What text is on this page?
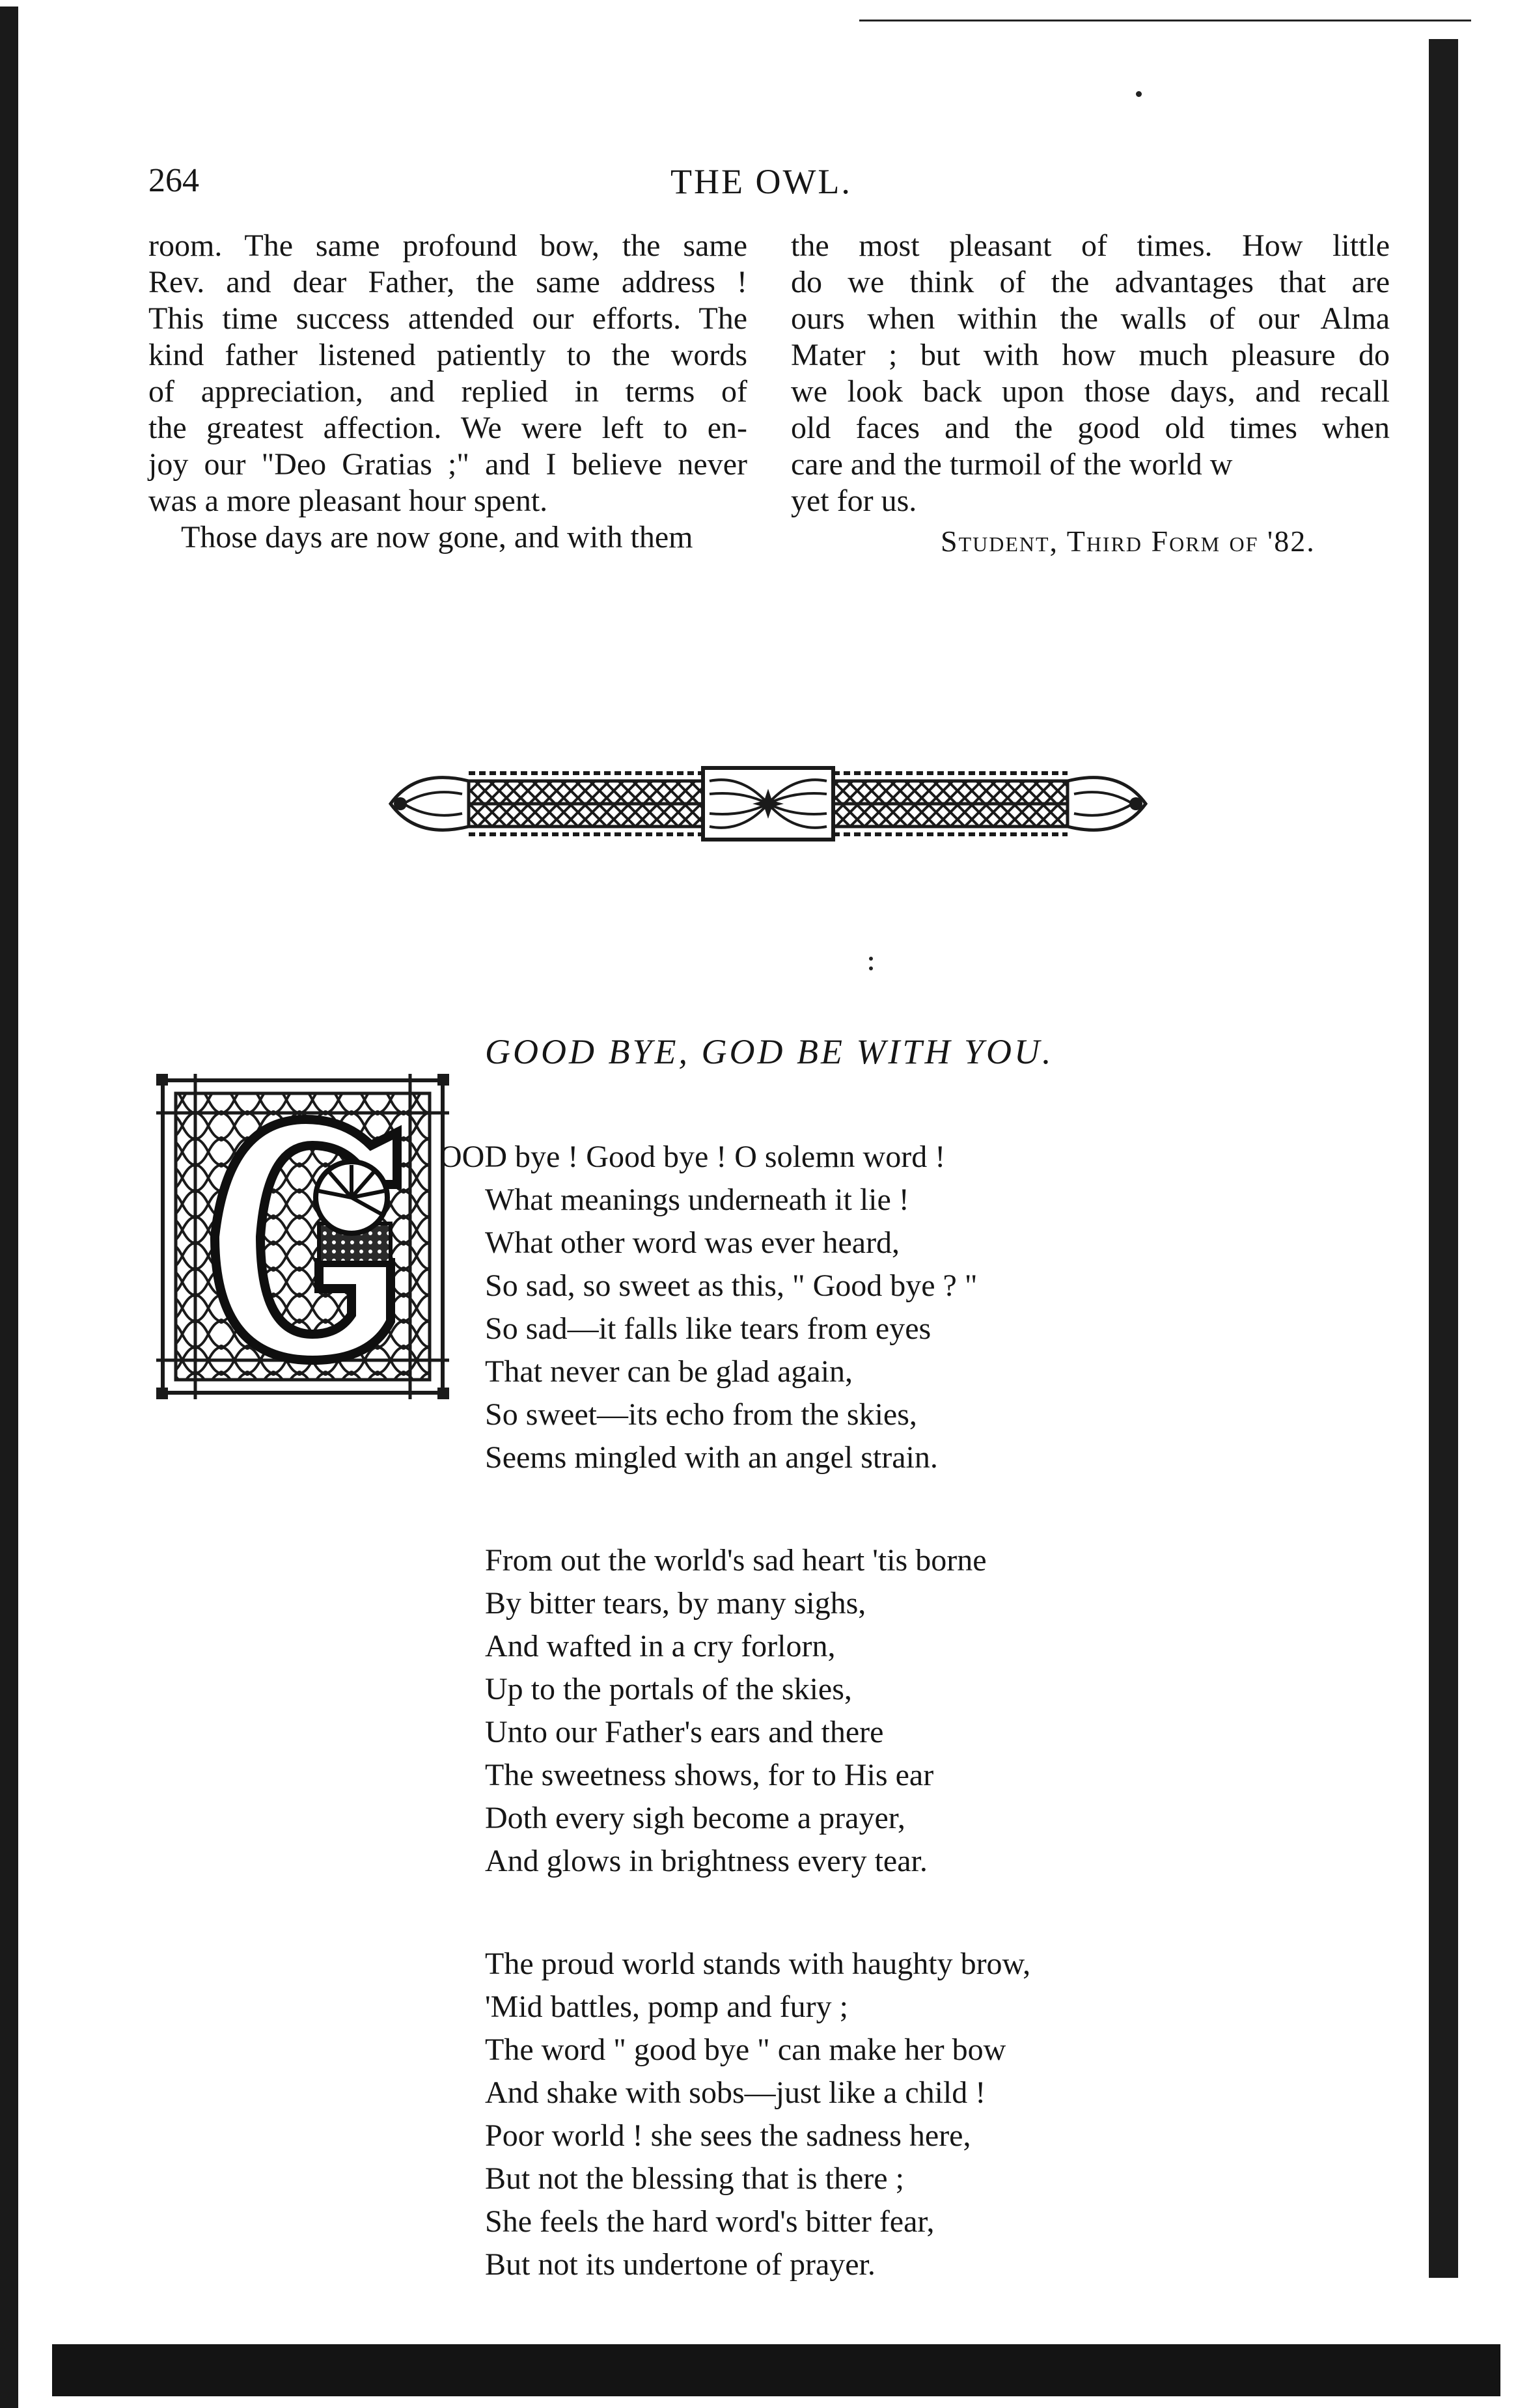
264	THE OWL.
room. The same profound bow, the same
Rev. and dear Father, the same address !
This time success attended our efforts. The
kind father listened patiently to the words
of appreciation, and replied in terms of
the greatest affection. We were left to en-
joy our "Deo Gratias ;" and I believe never
was a more pleasant hour spent.
Those days are now gone, and with them
the most pleasant of times. How little
do we think of the advantages that are
ours when within the walls of our Alma
Mater ; but with how much pleasure do
we look back upon those days, and recall
old faces and the good old times when
care and the turmoil of the world w
yet for us.
Student, Third Form of '82.
GOOD BYE, GOD BE WITH YOU.
OOD bye ! Good bye ! O solemn word !
What meanings underneath it lie !
What other word was ever heard,
So sad, so sweet as this, " Good bye ? "
So sad—it falls like tears from eyes
That never can be glad again,
So sweet—its echo from the skies,
Seems mingled with an angel strain.
From out the world's sad heart 'tis borne
By bitter tears, by many sighs,
And wafted in a cry forlorn,
Up to the portals of the skies,
Unto our Father's ears and there
The sweetness shows, for to His ear
Doth every sigh become a prayer,
And glows in brightness every tear.
The proud world stands with haughty brow,
'Mid battles, pomp and fury ;
The word " good bye " can make her bow
And shake with sobs—just like a child !
Poor world ! she sees the sadness here,
But not the blessing that is there ;
She feels the hard word's bitter fear,
But not its undertone of prayer.
